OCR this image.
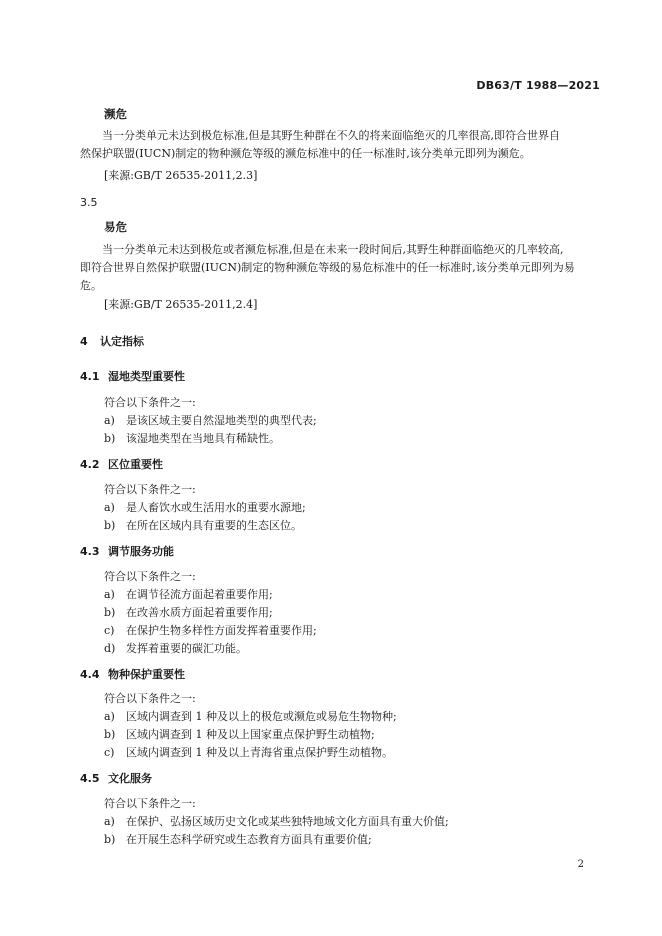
DB63/T 1988—2021
濒危
当一分类单元未达到极危标准,但是其野生种群在不久的将来面临绝灭的几率很高,即符合世界自
然保护联盟(IUCN)制定的物种濒危等级的濒危标准中的任一标准时,该分类单元即列为濒危。
[来源:GB/T 26535-2011,2.3]
3.5
易危
当一分类单元未达到极危或者濒危标准,但是在未来一段时间后,其野生种群面临绝灭的几率较高,
即符合世界自然保护联盟(IUCN)制定的物种濒危等级的易危标准中的任一标准时,该分类单元即列为易
危。
[来源:GB/T 26535-2011,2.4]
4 认定指标
4.1 湿地类型重要性
符合以下条件之一:
a) 是该区域主要自然湿地类型的典型代表;
b) 该湿地类型在当地具有稀缺性。
4.2 区位重要性
符合以下条件之一:
a) 是人畜饮水或生活用水的重要水源地;
b) 在所在区域内具有重要的生态区位。
4.3 调节服务功能
符合以下条件之一:
a) 在调节径流方面起着重要作用;
b) 在改善水质方面起着重要作用;
c) 在保护生物多样性方面发挥着重要作用;
d) 发挥着重要的碳汇功能。
4.4 物种保护重要性
符合以下条件之一:
a) 区域内调查到 1 种及以上的极危或濒危或易危生物物种;
b) 区域内调查到 1 种及以上国家重点保护野生动植物;
c) 区域内调查到 1 种及以上青海省重点保护野生动植物。
4.5 文化服务
符合以下条件之一:
a) 在保护、弘扬区域历史文化或某些独特地域文化方面具有重大价值;
b) 在开展生态科学研究或生态教育方面具有重要价值;
2
